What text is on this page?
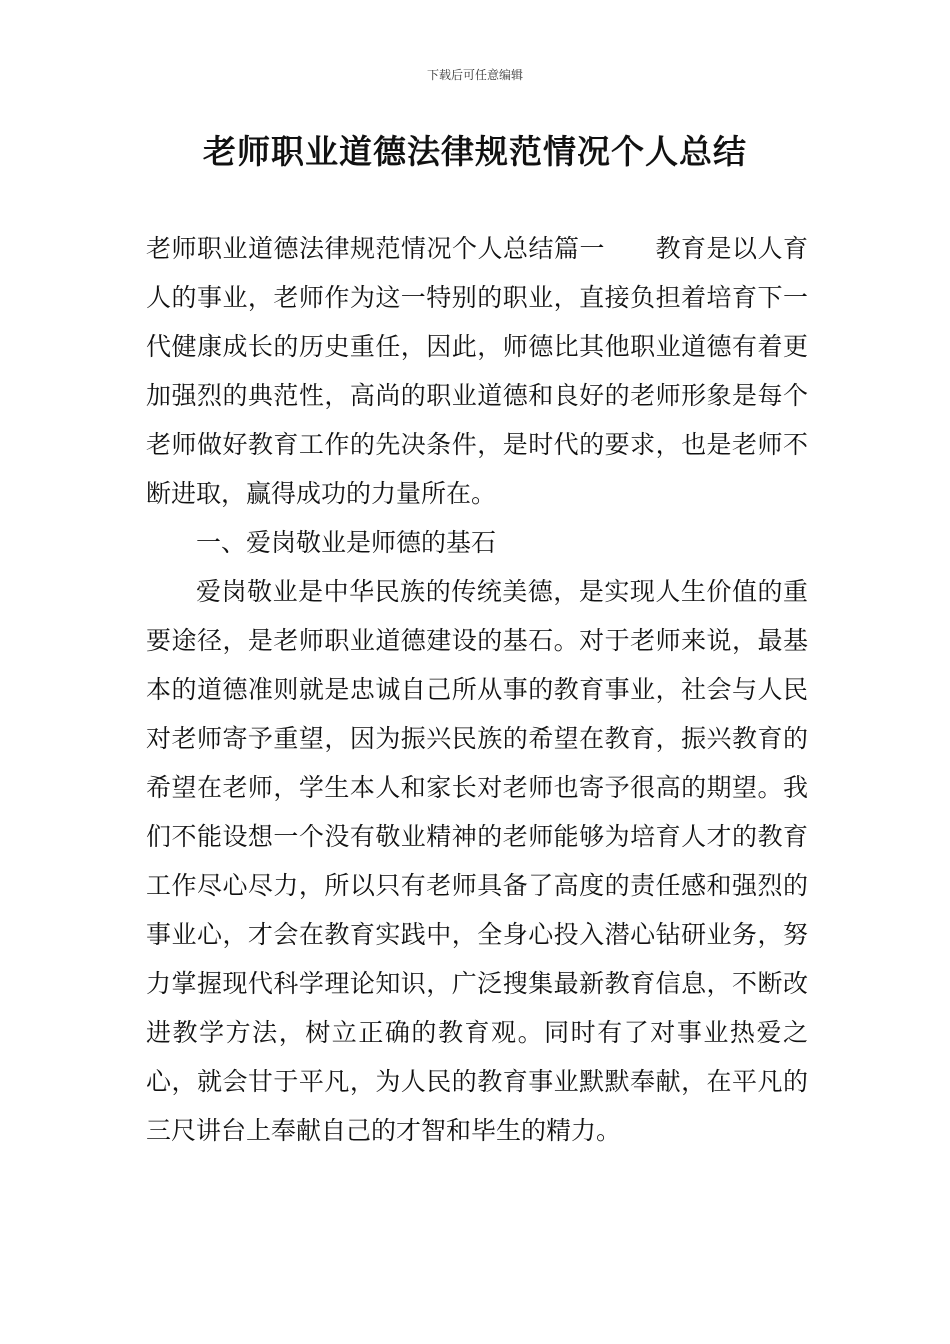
下载后可任意编辑
老师职业道德法律规范情况个人总结

老师职业道德法律规范情况个人总结篇一 教育是以人育人的事业，老师作为这一特别的职业，直接负担着培育下一代健康成长的历史重任，因此，师德比其他职业道德有着更加强烈的典范性，高尚的职业道德和良好的老师形象是每个老师做好教育工作的先决条件，是时代的要求，也是老师不断进取，赢得成功的力量所在。

一、爱岗敬业是师德的基石

爱岗敬业是中华民族的传统美德，是实现人生价值的重要途径，是老师职业道德建设的基石。对于老师来说，最基本的道德准则就是忠诚自己所从事的教育事业，社会与人民对老师寄予重望，因为振兴民族的希望在教育，振兴教育的希望在老师，学生本人和家长对老师也寄予很高的期望。我们不能设想一个没有敬业精神的老师能够为培育人才的教育工作尽心尽力，所以只有老师具备了高度的责任感和强烈的事业心，才会在教育实践中，全身心投入潜心钻研业务，努力掌握现代科学理论知识，广泛搜集最新教育信息，不断改进教学方法，树立正确的教育观。同时有了对事业热爱之心，就会甘于平凡，为人民的教育事业默默奉献，在平凡的三尺讲台上奉献自己的才智和毕生的精力。
